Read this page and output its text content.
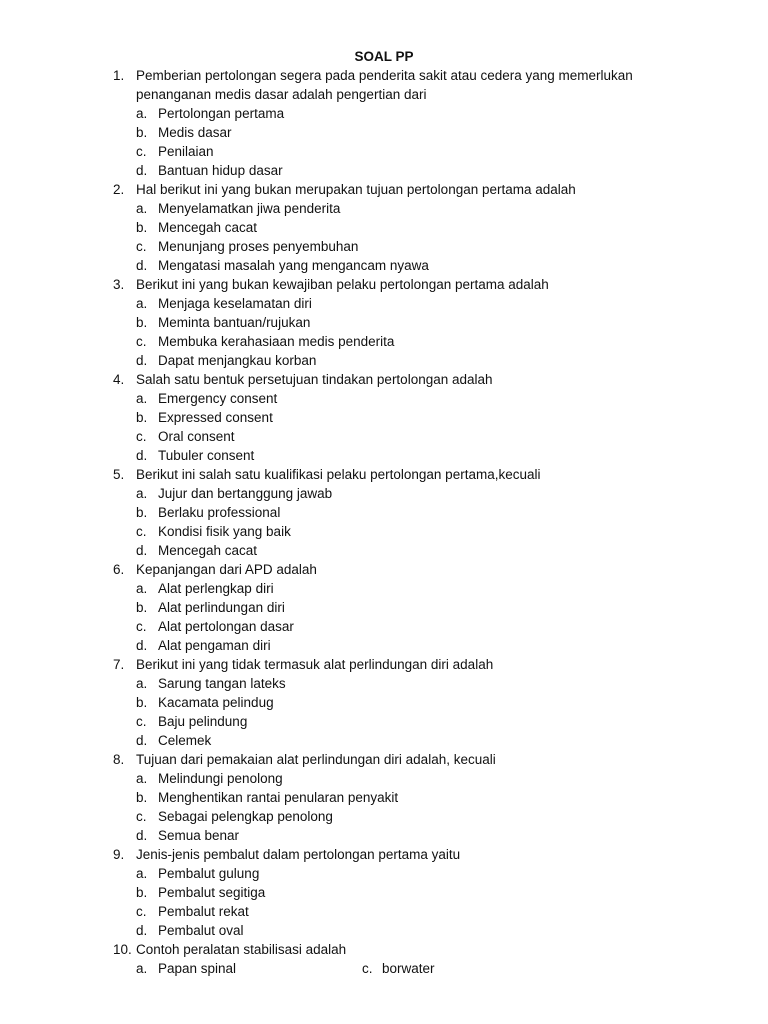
SOAL PP
1. Pemberian pertolongan segera pada penderita sakit atau cedera yang memerlukan
penanganan medis dasar adalah pengertian dari
a. Pertolongan pertama
b. Medis dasar
c. Penilaian
d. Bantuan hidup dasar
2. Hal berikut ini yang bukan merupakan tujuan pertolongan pertama adalah
a. Menyelamatkan jiwa penderita
b. Mencegah cacat
c. Menunjang proses penyembuhan
d. Mengatasi masalah yang mengancam nyawa
3. Berikut ini yang bukan kewajiban pelaku pertolongan pertama adalah
a. Menjaga keselamatan diri
b. Meminta bantuan/rujukan
c. Membuka kerahasiaan medis penderita
d. Dapat menjangkau korban
4. Salah satu bentuk persetujuan tindakan pertolongan adalah
a. Emergency consent
b. Expressed consent
c. Oral consent
d. Tubuler consent
5. Berikut ini salah satu kualifikasi pelaku pertolongan pertama,kecuali
a. Jujur dan bertanggung jawab
b. Berlaku professional
c. Kondisi fisik yang baik
d. Mencegah cacat
6. Kepanjangan dari APD adalah
a. Alat perlengkap diri
b. Alat perlindungan diri
c. Alat pertolongan dasar
d. Alat pengaman diri
7. Berikut ini yang tidak termasuk alat perlindungan diri adalah
a. Sarung tangan lateks
b. Kacamata pelindug
c. Baju pelindung
d. Celemek
8. Tujuan dari pemakaian alat perlindungan diri adalah, kecuali
a. Melindungi penolong
b. Menghentikan rantai penularan penyakit
c. Sebagai pelengkap penolong
d. Semua benar
9. Jenis-jenis pembalut dalam pertolongan pertama yaitu
a. Pembalut gulung
b. Pembalut segitiga
c. Pembalut rekat
d. Pembalut oval
10. Contoh peralatan stabilisasi adalah
a. Papan spinal	c. borwater
